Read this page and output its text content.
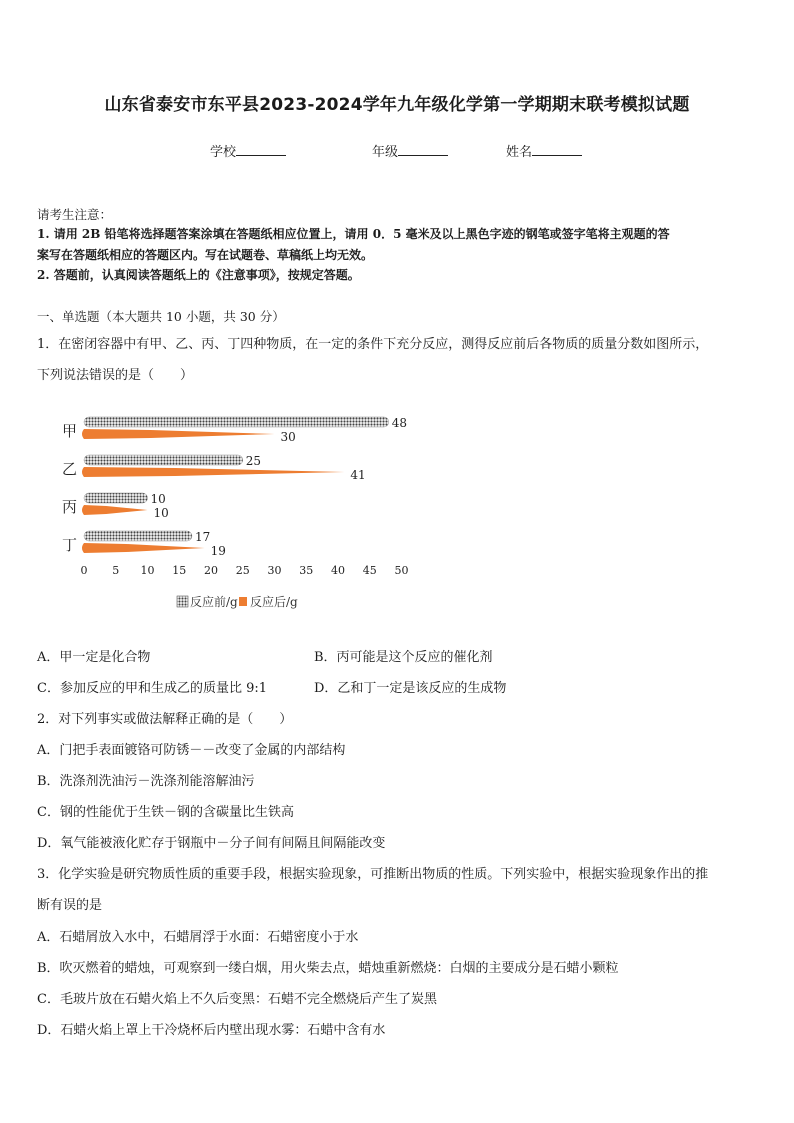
山东省泰安市东平县2023-2024学年九年级化学第一学期期末联考模拟试题
学校	年级	姓名
请考生注意：
1. 请用 2B 铅笔将选择题答案涂填在答题纸相应位置上，请用 0．5 毫米及以上黑色字迹的钢笔或签字笔将主观题的答
案写在答题纸相应的答题区内。写在试题卷、草稿纸上均无效。
2. 答题前，认真阅读答题纸上的《注意事项》，按规定答题。
一、单选题（本大题共 10 小题，共 30 分）
1．在密闭容器中有甲、乙、丙、丁四种物质，在一定的条件下充分反应，测得反应前后各物质的质量分数如图所示，
下列说法错误的是（　　）
甲
乙
丙
丁
48
30
25
41
10
10
17
19
0 5 10 15 20 25 30 35 40 45 50
反应前/g 反应后/g
A．甲一定是化合物	B．丙可能是这个反应的催化剂
C．参加反应的甲和生成乙的质量比 9:1	D．乙和丁一定是该反应的生成物
2．对下列事实或做法解释正确的是（　　）
A．门把手表面镀铬可防锈－－改变了金属的内部结构
B．洗涤剂洗油污－洗涤剂能溶解油污
C．钢的性能优于生铁－钢的含碳量比生铁高
D．氧气能被液化贮存于钢瓶中－分子间有间隔且间隔能改变
3．化学实验是研究物质性质的重要手段，根据实验现象，可推断出物质的性质。下列实验中，根据实验现象作出的推
断有误的是
A．石蜡屑放入水中，石蜡屑浮于水面：石蜡密度小于水
B．吹灭燃着的蜡烛，可观察到一缕白烟，用火柴去点，蜡烛重新燃烧：白烟的主要成分是石蜡小颗粒
C．毛玻片放在石蜡火焰上不久后变黑：石蜡不完全燃烧后产生了炭黑
D．石蜡火焰上罩上干冷烧杯后内壁出现水雾：石蜡中含有水
